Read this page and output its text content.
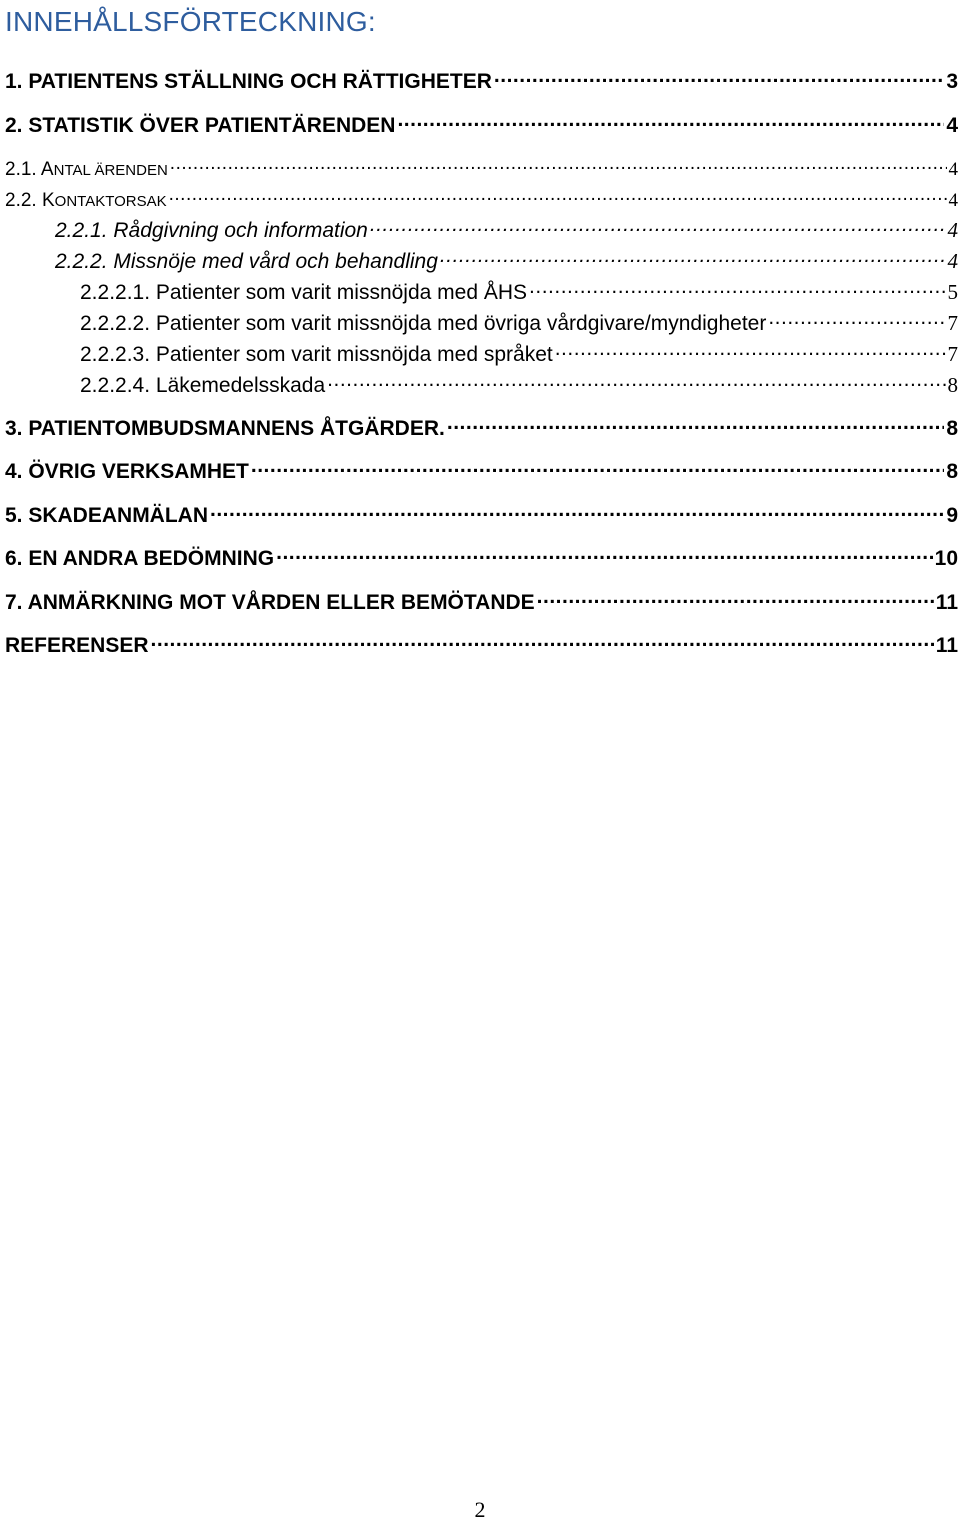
INNEHÅLLSFÖRTECKNING:
1. PATIENTENS STÄLLNING OCH RÄTTIGHETER .....	3
2. STATISTIK ÖVER PATIENTÄRENDEN .....	4
2.1. ANTAL ÄRENDEN .....	4
2.2. KONTAKTORSAK .....	4
2.2.1. Rådgivning och information .....	4
2.2.2. Missnöje med vård och behandling .....	4
2.2.2.1. Patienter som varit missnöjda med ÅHS .....	5
2.2.2.2. Patienter som varit missnöjda med övriga vårdgivare/myndigheter .....	7
2.2.2.3. Patienter som varit missnöjda med språket .....	7
2.2.2.4. Läkemedelsskada .....	8
3. PATIENTOMBUDSMANNENS ÅTGÄRDER. .....	8
4. ÖVRIG VERKSAMHET .....	8
5. SKADEANMÄLAN .....	9
6. EN ANDRA BEDÖMNING .....	10
7. ANMÄRKNING MOT VÅRDEN ELLER BEMÖTANDE .....	11
REFERENSER .....	11
2
